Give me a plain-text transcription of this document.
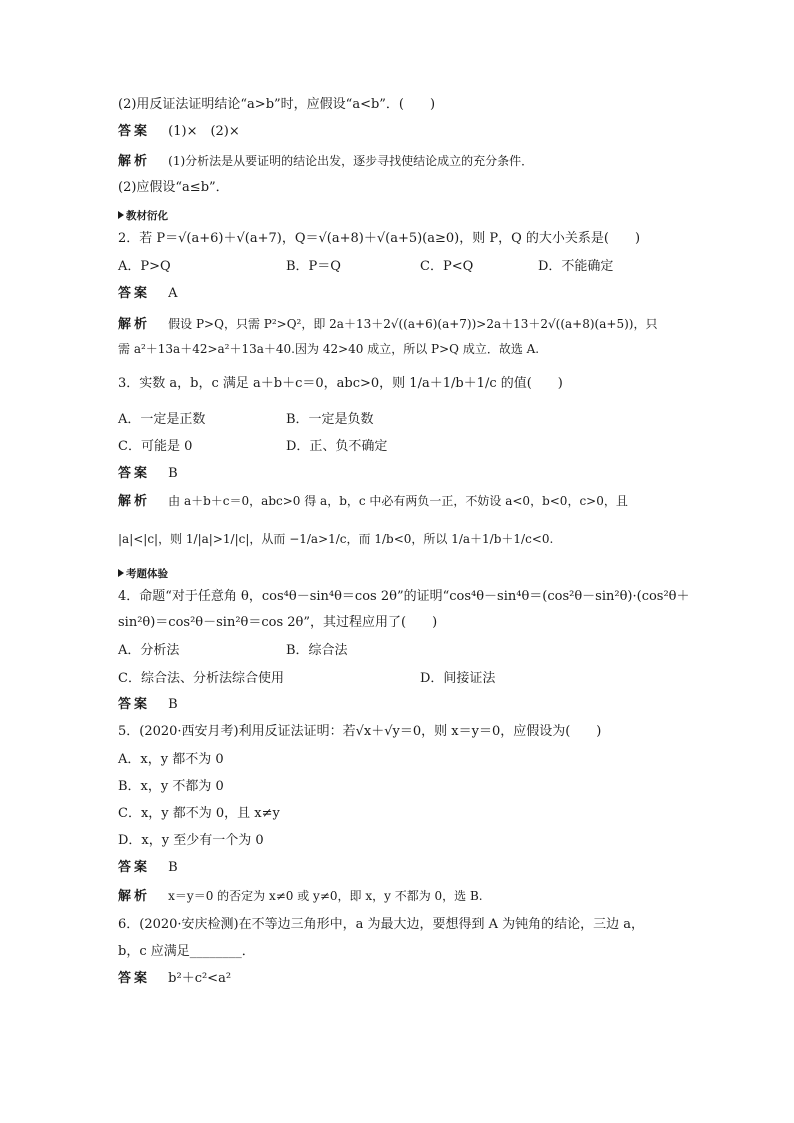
(2)用反证法证明结论“a>b”时，应假设“a<b”．(　　)
答案 (1)×　(2)×
解析 (1)分析法是从要证明的结论出发，逐步寻找使结论成立的充分条件．
(2)应假设“a≤b”．
教材衍化
2．若 P＝√(a+6)＋√(a+7)，Q＝√(a+8)＋√(a+5)(a≥0)，则 P，Q 的大小关系是(　　)
A．P>Q	B．P＝Q	C．P<Q	D．不能确定
答案 A
解析 假设 P>Q，只需 P²>Q²，即 2a＋13＋2√((a+6)(a+7))>2a＋13＋2√((a+8)(a+5))，只
需 a²＋13a＋42>a²＋13a＋40.因为 42>40 成立，所以 P>Q 成立．故选 A.
3．实数 a，b，c 满足 a＋b＋c＝0，abc>0，则 1/a＋1/b＋1/c 的值(　　)
A．一定是正数	B．一定是负数
C．可能是 0	D．正、负不确定
答案 B
解析 由 a＋b＋c＝0，abc>0 得 a，b，c 中必有两负一正，不妨设 a<0，b<0，c>0，且
|a|<|c|，则 1/|a|>1/|c|，从而 −1/a>1/c，而 1/b<0，所以 1/a＋1/b＋1/c<0.
考题体验
4．命题“对于任意角 θ，cos⁴θ－sin⁴θ＝cos 2θ”的证明“cos⁴θ－sin⁴θ＝(cos²θ－sin²θ)·(cos²θ＋
sin²θ)＝cos²θ－sin²θ＝cos 2θ”，其过程应用了(　　)
A．分析法	B．综合法
C．综合法、分析法综合使用	D．间接证法
答案 B
5．(2020·西安月考)利用反证法证明：若√x＋√y＝0，则 x＝y＝0，应假设为(　　)
A．x，y 都不为 0
B．x，y 不都为 0
C．x，y 都不为 0，且 x≠y
D．x，y 至少有一个为 0
答案 B
解析 x＝y＝0 的否定为 x≠0 或 y≠0，即 x，y 不都为 0，选 B.
6．(2020·安庆检测)在不等边三角形中，a 为最大边，要想得到 A 为钝角的结论，三边 a，
b，c 应满足________．
答案 b²＋c²<a²
